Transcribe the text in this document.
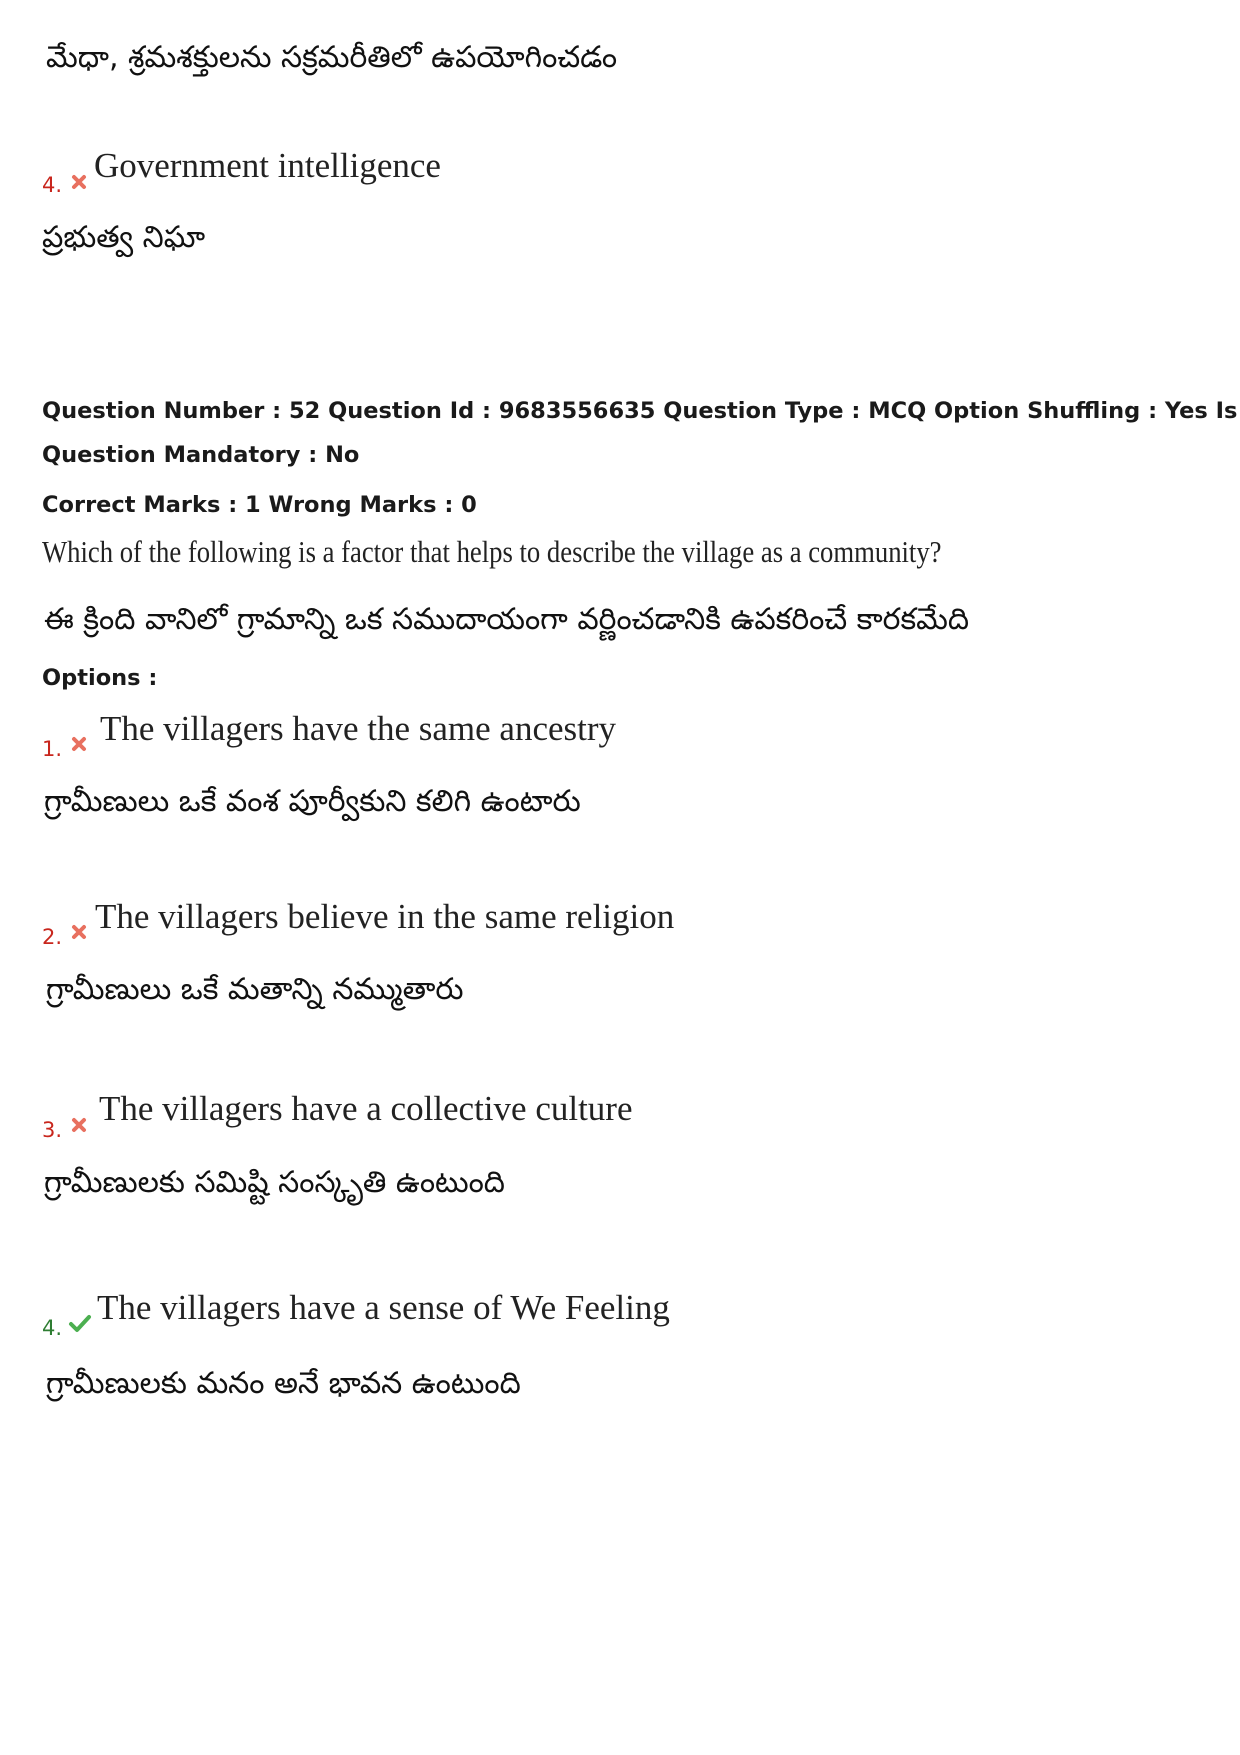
మేధా, శ్రమశక్తులను సక్రమరీతిలో ఉపయోగించడం
4. Government intelligence
ప్రభుత్వ నిఘా
Question Number : 52 Question Id : 9683556635 Question Type : MCQ Option Shuffling : Yes Is
Question Mandatory : No
Correct Marks : 1 Wrong Marks : 0
Which of the following is a factor that helps to describe the village as a community?
ఈ క్రింది వానిలో గ్రామాన్ని ఒక సముదాయంగా వర్ణించడానికి ఉపకరించే కారకమేది
Options :
1.
The villagers have the same ancestry
గ్రామీణులు ఒకే వంశ పూర్వీకుని కలిగి ఉంటారు
2.
The villagers believe in the same religion
గ్రామీణులు ఒకే మతాన్ని నమ్ముతారు
3.
The villagers have a collective culture
గ్రామీణులకు సమిష్టి సంస్కృతి ఉంటుంది
4.
The villagers have a sense of We Feeling
గ్రామీణులకు మనం అనే భావన ఉంటుంది
